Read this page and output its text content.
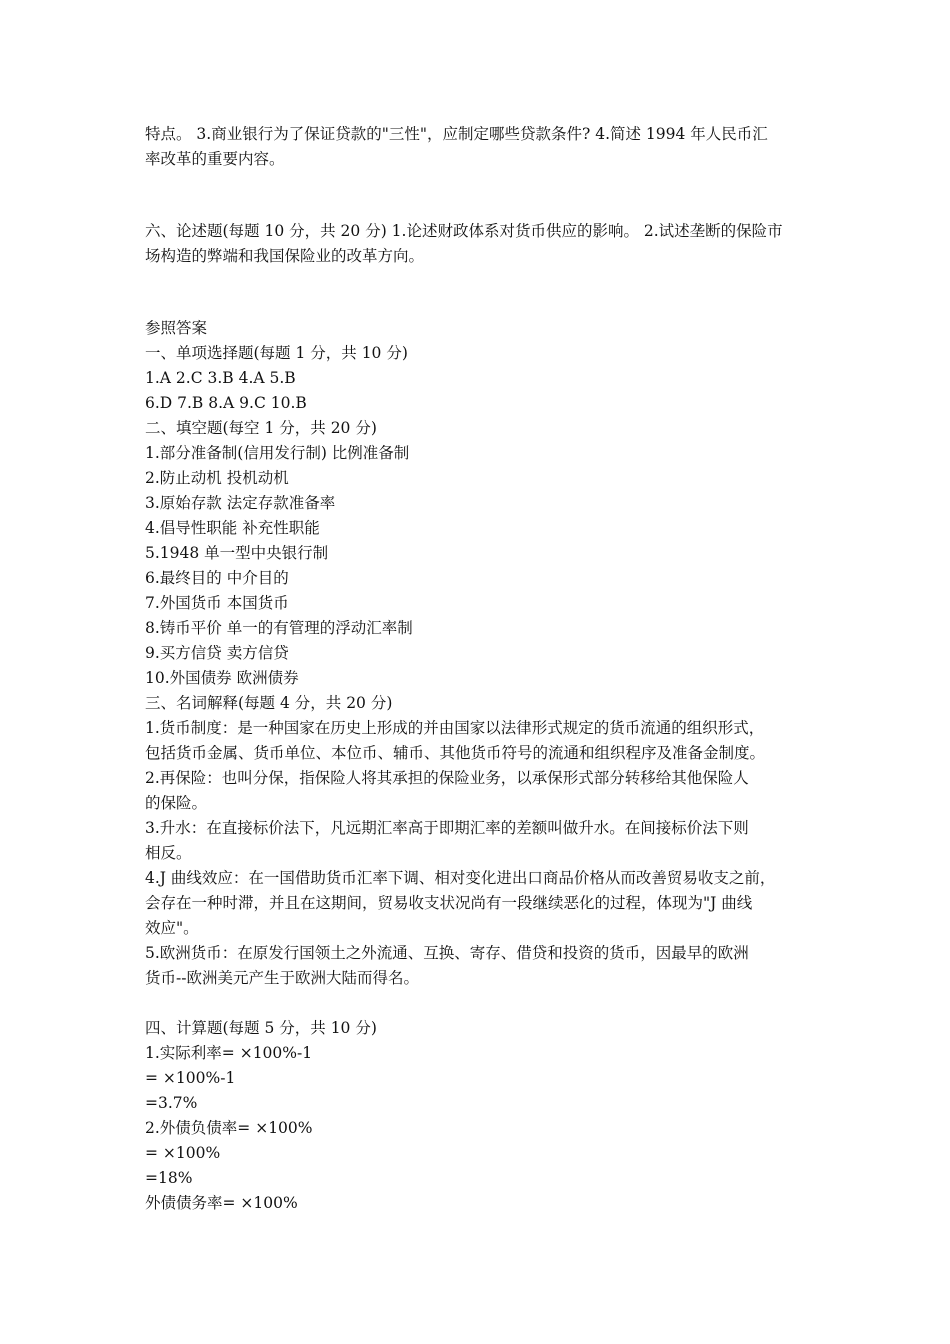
特点。 3.商业银行为了保证贷款的"三性"，应制定哪些贷款条件? 4.简述 1994 年人民币汇
率改革的重要内容。

六、论述题(每题 10 分，共 20 分) 1.论述财政体系对货币供应的影响。 2.试述垄断的保险市
场构造的弊端和我国保险业的改革方向。

参照答案
一、单项选择题(每题 1 分，共 10 分)
1.A 2.C 3.B 4.A 5.B
6.D 7.B 8.A 9.C 10.B
二、填空题(每空 1 分，共 20 分)
1.部分准备制(信用发行制) 比例准备制
2.防止动机 投机动机
3.原始存款 法定存款准备率
4.倡导性职能 补充性职能
5.1948 单一型中央银行制
6.最终目的 中介目的
7.外国货币 本国货币
8.铸币平价 单一的有管理的浮动汇率制
9.买方信贷 卖方信贷
10.外国债券 欧洲债券
三、名词解释(每题 4 分，共 20 分)
1.货币制度：是一种国家在历史上形成的并由国家以法律形式规定的货币流通的组织形式，
包括货币金属、货币单位、本位币、辅币、其他货币符号的流通和组织程序及准备金制度。
2.再保险：也叫分保，指保险人将其承担的保险业务，以承保形式部分转移给其他保险人
的保险。
3.升水：在直接标价法下，凡远期汇率高于即期汇率的差额叫做升水。在间接标价法下则
相反。
4.J 曲线效应：在一国借助货币汇率下调、相对变化进出口商品价格从而改善贸易收支之前，
会存在一种时滞，并且在这期间，贸易收支状况尚有一段继续恶化的过程，体现为"J 曲线
效应"。
5.欧洲货币：在原发行国领土之外流通、互换、寄存、借贷和投资的货币，因最早的欧洲
货币--欧洲美元产生于欧洲大陆而得名。
四、计算题(每题 5 分，共 10 分)
1.实际利率= ×100%-1
= ×100%-1
=3.7%
2.外债负债率= ×100%
= ×100%
=18%
外债债务率= ×100%
